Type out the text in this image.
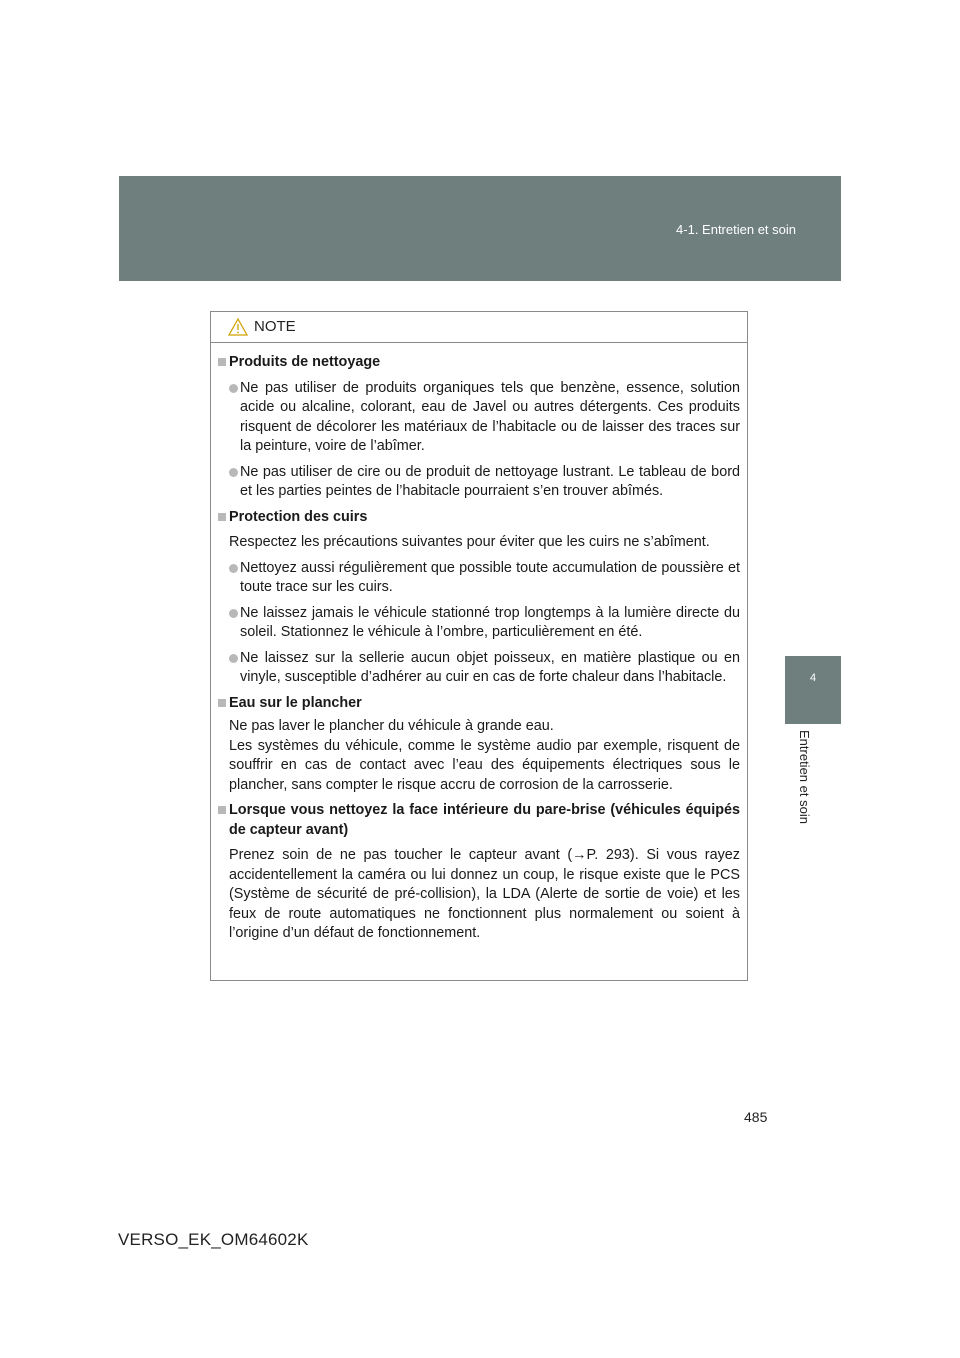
4-1. Entretien et soin
4
Entretien et soin
NOTE
Produits de nettoyage
Ne pas utiliser de produits organiques tels que benzène, essence, solution acide ou alcaline, colorant, eau de Javel ou autres détergents. Ces produits risquent de décolorer les matériaux de l’habitacle ou de laisser des traces sur la peinture, voire de l’abîmer.
Ne pas utiliser de cire ou de produit de nettoyage lustrant. Le tableau de bord et les parties peintes de l’habitacle pourraient s’en trouver abîmés.
Protection des cuirs
Respectez les précautions suivantes pour éviter que les cuirs ne s’abîment.
Nettoyez aussi régulièrement que possible toute accumulation de poussière et toute trace sur les cuirs.
Ne laissez jamais le véhicule stationné trop longtemps à la lumière directe du soleil. Stationnez le véhicule à l’ombre, particulièrement en été.
Ne laissez sur la sellerie aucun objet poisseux, en matière plastique ou en vinyle, susceptible d’adhérer au cuir en cas de forte chaleur dans l’habitacle.
Eau sur le plancher
Ne pas laver le plancher du véhicule à grande eau.
Les systèmes du véhicule, comme le système audio par exemple, risquent de souffrir en cas de contact avec l’eau des équipements électriques sous le plancher, sans compter le risque accru de corrosion de la carrosserie.
Lorsque vous nettoyez la face intérieure du pare-brise (véhicules équipés de capteur avant)
Prenez soin de ne pas toucher le capteur avant (→P. 293). Si vous rayez accidentellement la caméra ou lui donnez un coup, le risque existe que le PCS (Système de sécurité de pré-collision), la LDA (Alerte de sortie de voie) et les feux de route automatiques ne fonctionnent plus normalement ou soient à l’origine d’un défaut de fonctionnement.
485
VERSO_EK_OM64602K
